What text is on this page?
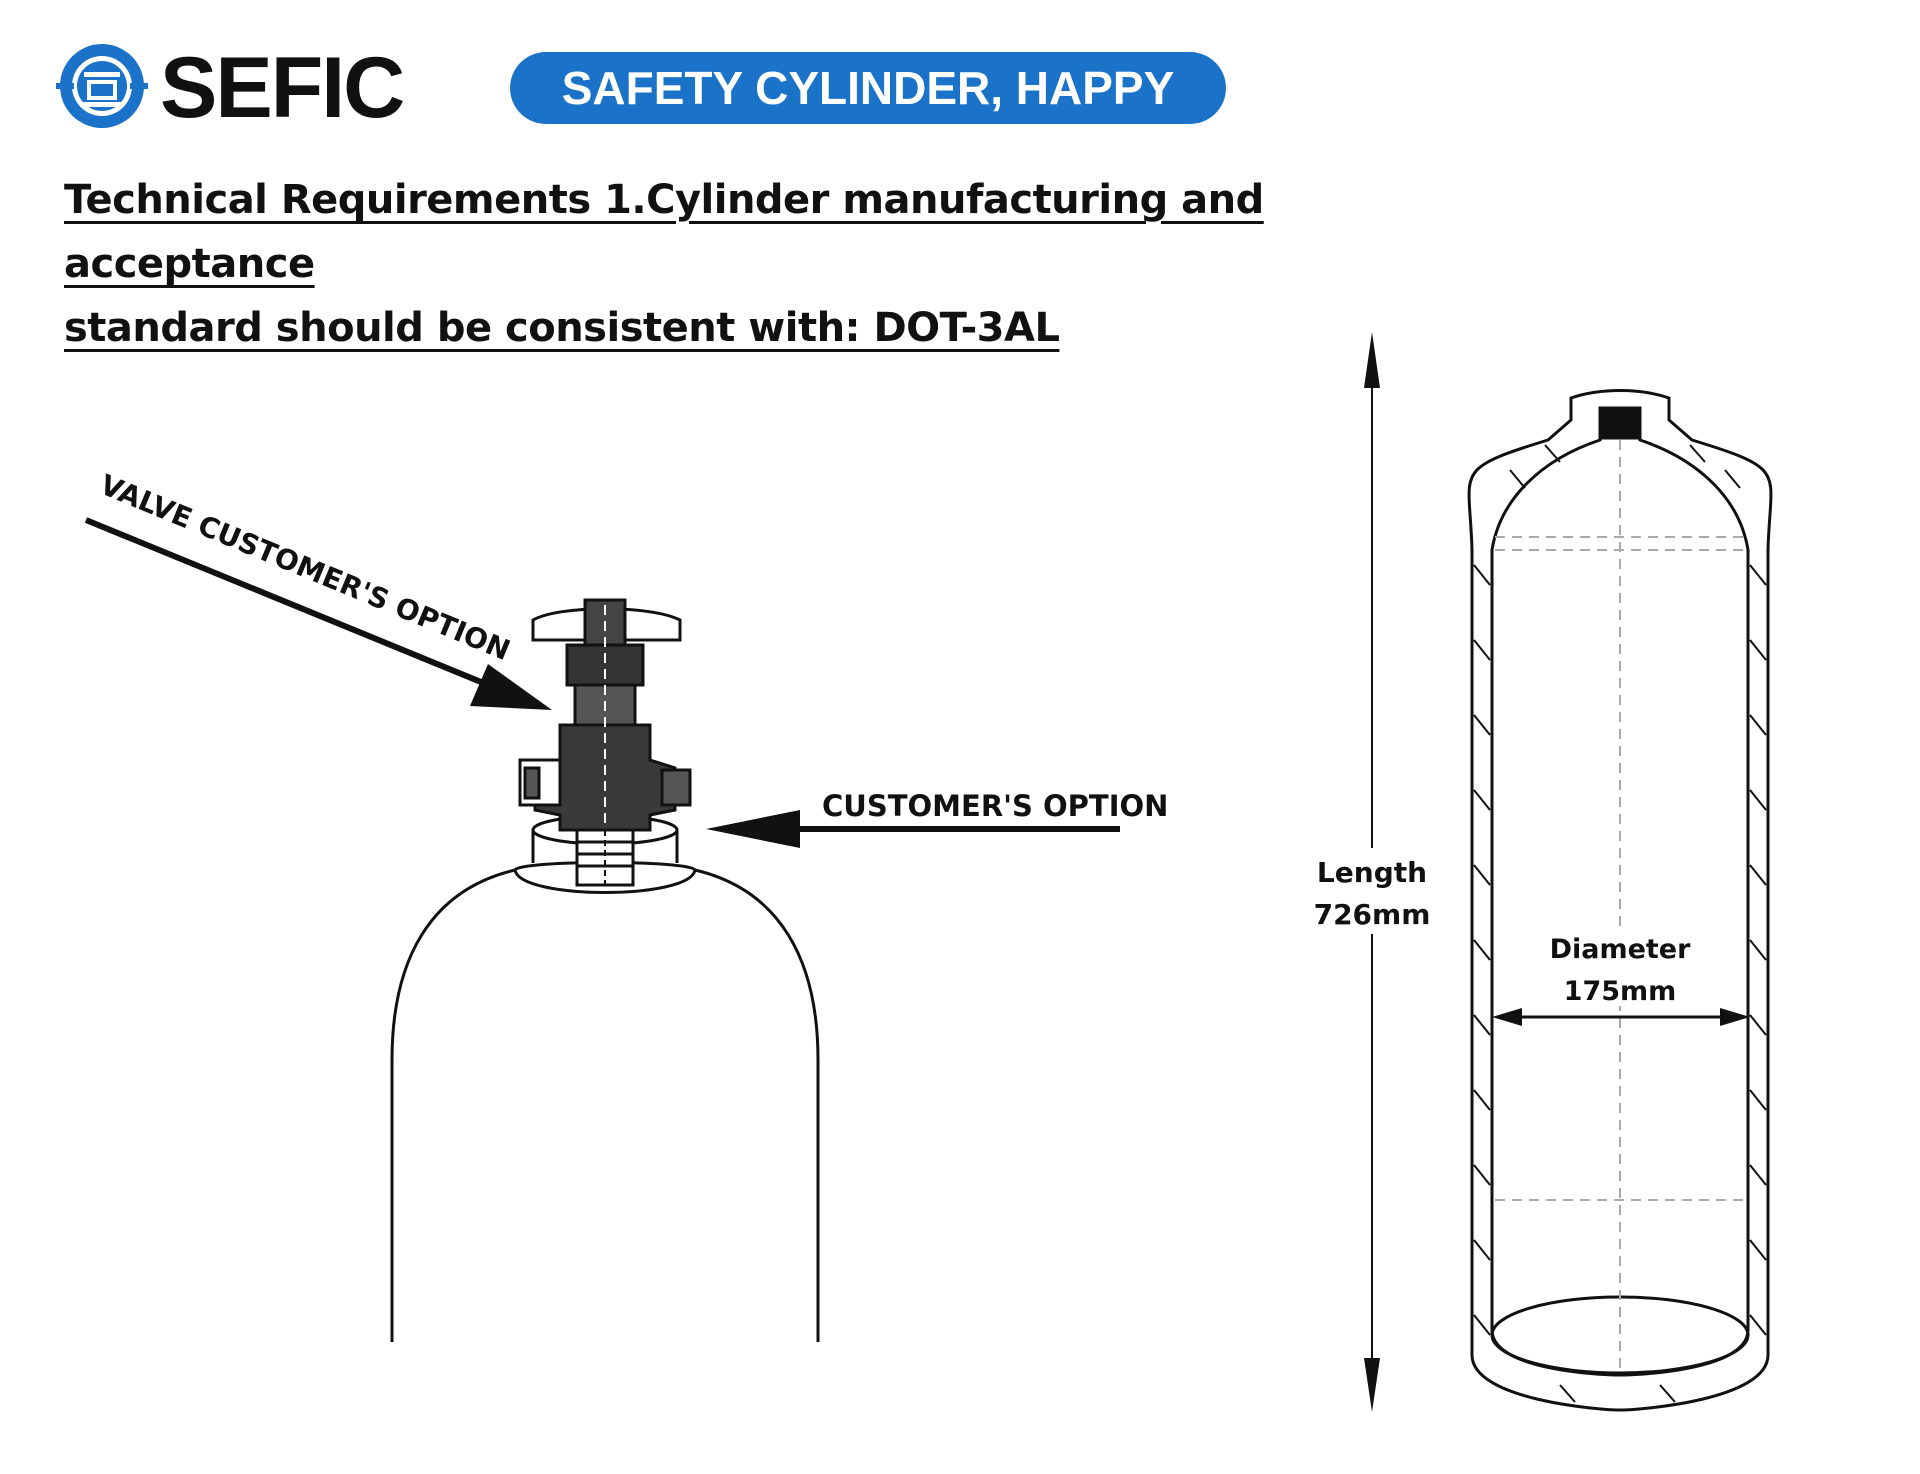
SEFIC	SAFETY CYLINDER, HAPPY LIFE.
Technical Requirements 1.Cylinder manufacturing and acceptance
standard should be consistent with: DOT-3AL
VALVE CUSTOMER'S OPTION
CUSTOMER'S OPTION
Length
726mm
Diameter
175mm
